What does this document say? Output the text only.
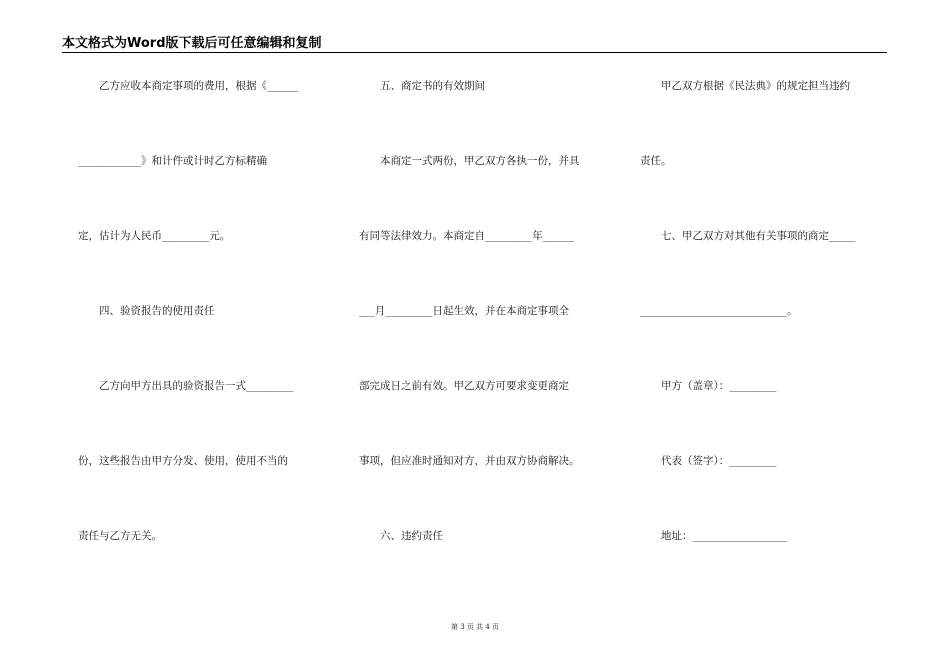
本文格式为Word版下载后可任意编辑和复制
　　乙方应收本商定事项的费用，根据《______
____________》和计件或计时乙方标精确
定，估计为人民币_________元。
　　四、验资报告的使用责任
　　乙方向甲方出具的验资报告一式_________
份，这些报告由甲方分发、使用，使用不当的
责任与乙方无关。
　　五、商定书的有效期间
　　本商定一式两份，甲乙双方各执一份，并具
有同等法律效力。本商定自_________年______
___月_________日起生效，并在本商定事项全
部完成日之前有效。甲乙双方可要求变更商定
事项，但应准时通知对方，并由双方协商解决。
　　六、违约责任
　　甲乙双方根据《民法典》的规定担当违约
责任。
　　七、甲乙双方对其他有关事项的商定_____
____________________________。
　　甲方（盖章）：_________
　　代表（签字）：_________
　　地址：__________________
第 3 页 共 4 页
